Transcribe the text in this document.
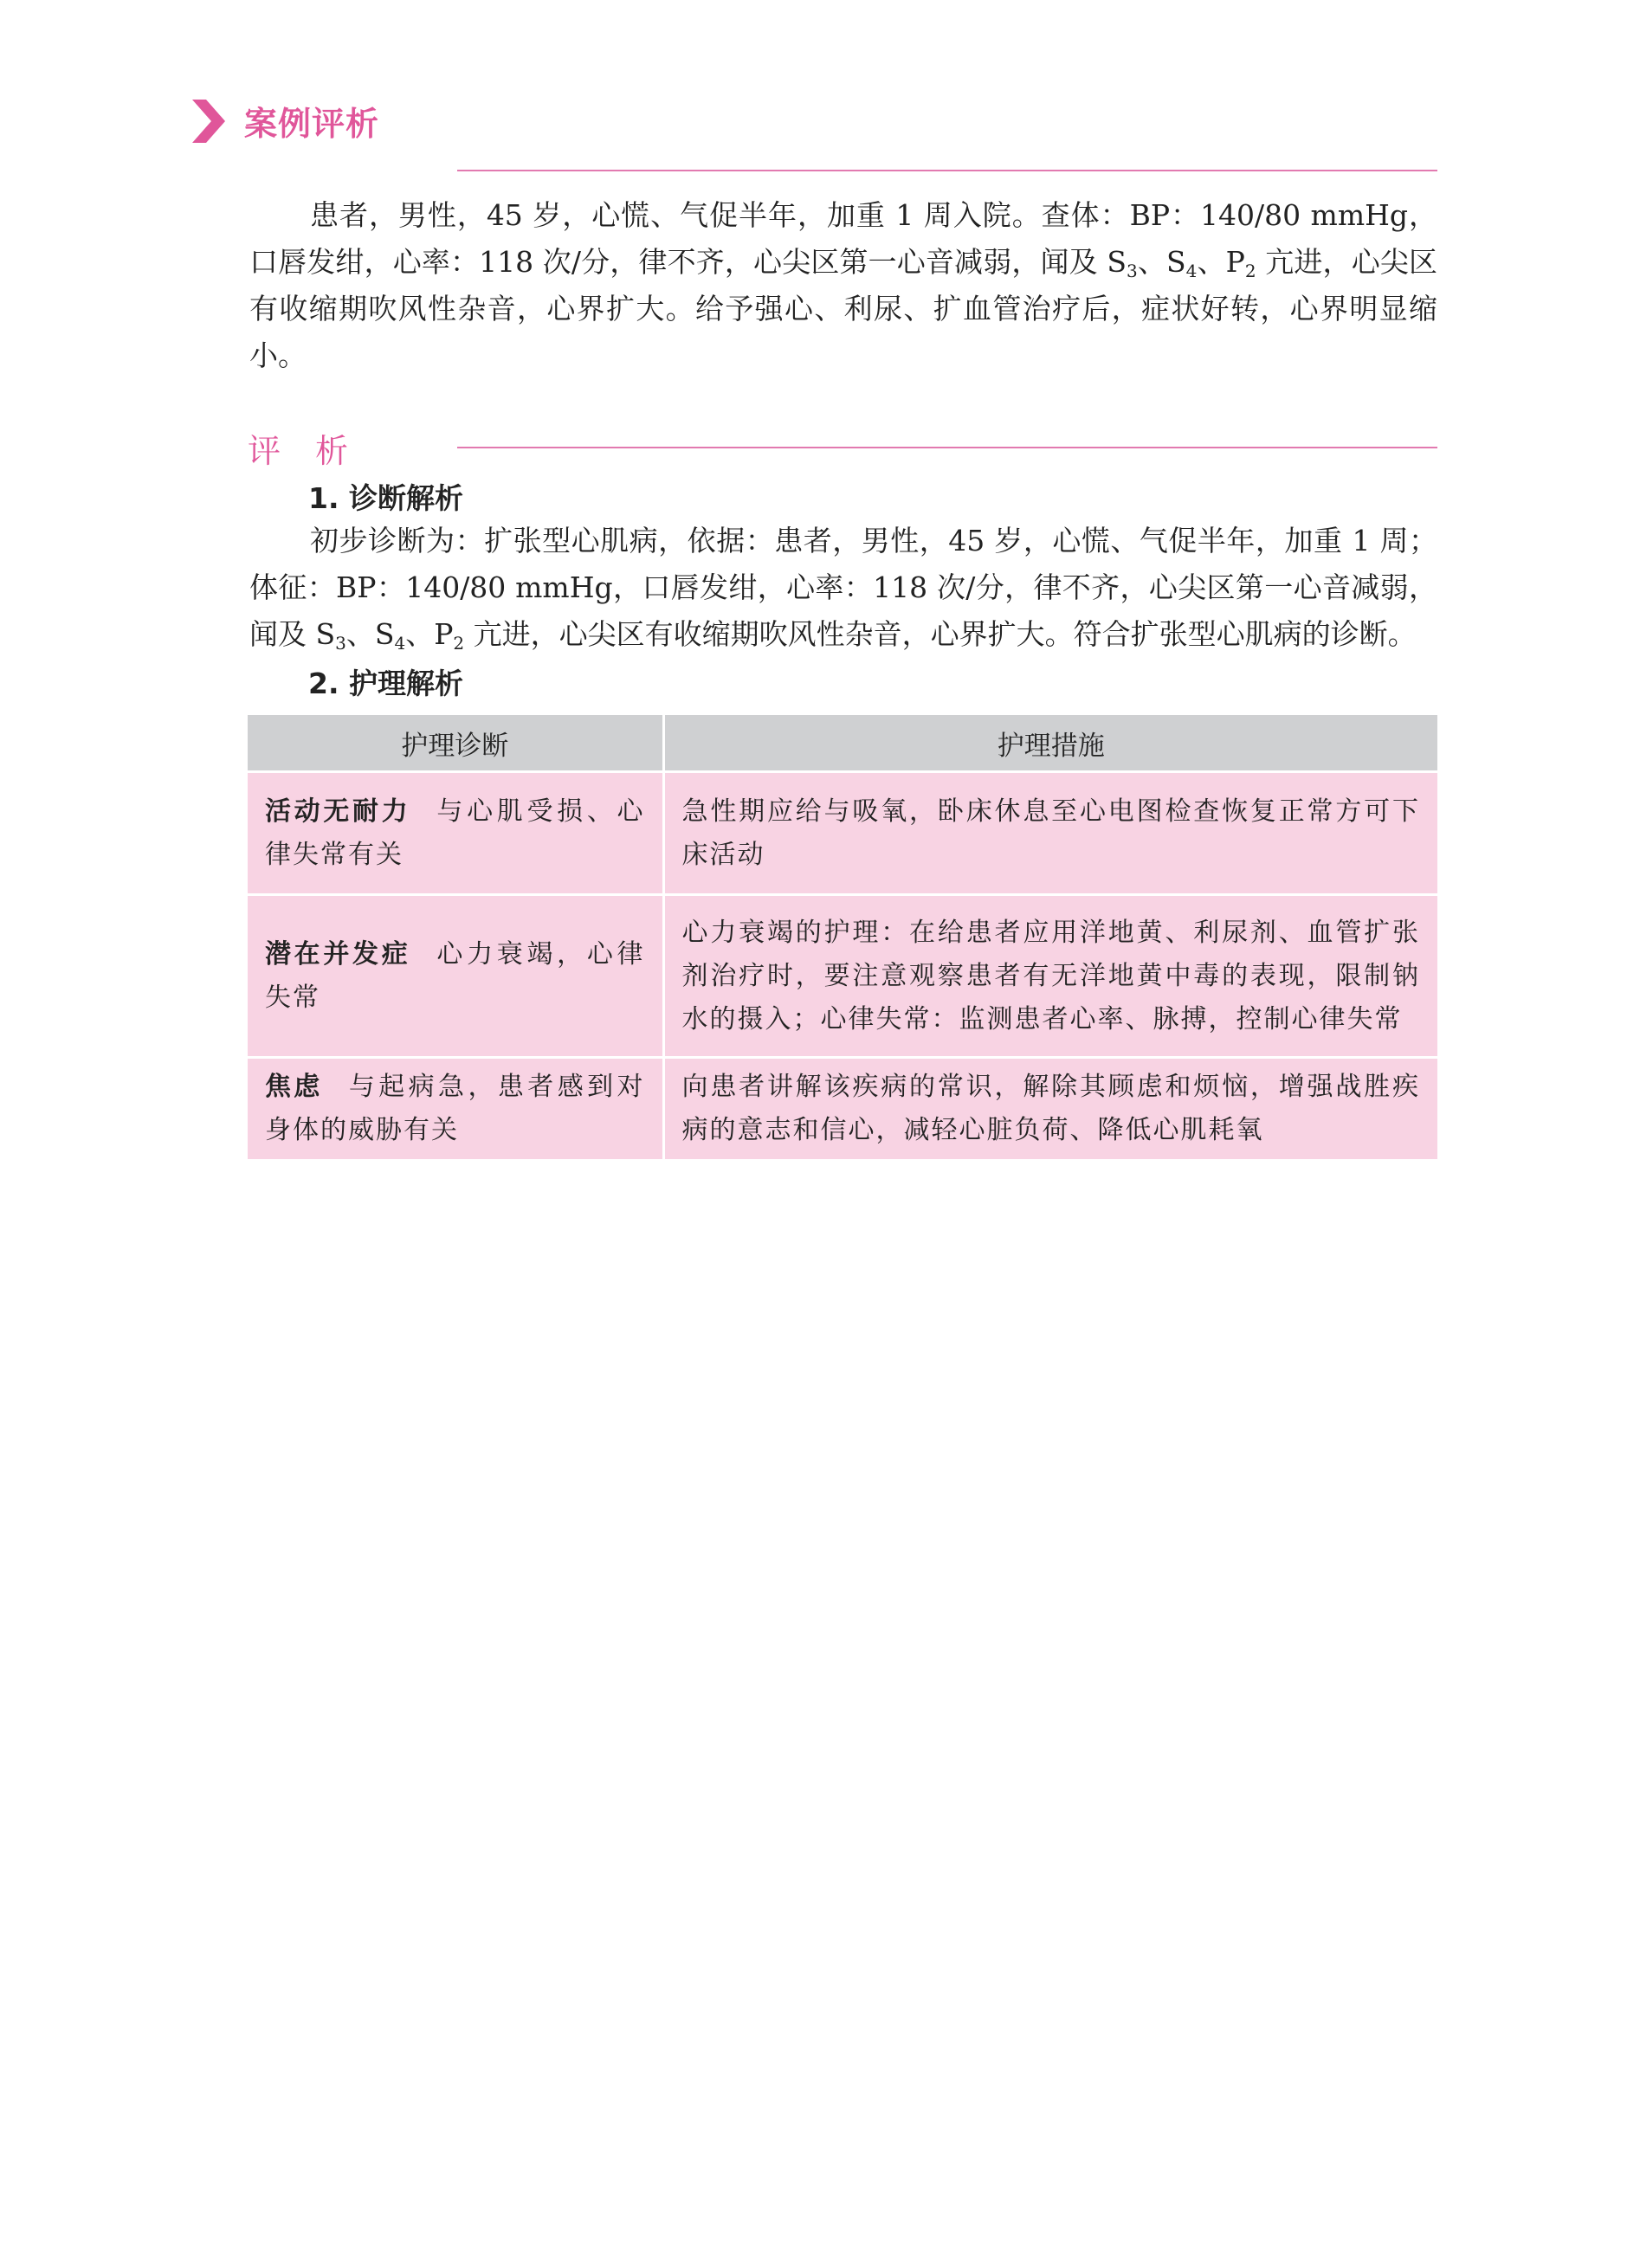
案例评析

患者，男性，45 岁，心慌、气促半年，加重 1 周入院。查体：BP：140/80 mmHg，口唇发绀，心率：118 次/分，律不齐，心尖区第一心音减弱，闻及 $S_3$、$S_4$、$P_2$ 亢进，心尖区有收缩期吹风性杂音，心界扩大。给予强心、利尿、扩血管治疗后，症状好转，心界明显缩小。

评析
1. 诊断解析

初步诊断为：扩张型心肌病，依据：患者，男性，45 岁，心慌、气促半年，加重 1 周；体征：BP：140/80 mmHg，口唇发绀，心率：118 次/分，律不齐，心尖区第一心音减弱，闻及 $S_3$、$S_4$、$P_2$ 亢进，心尖区有收缩期吹风性杂音，心界扩大。符合扩张型心肌病的诊断。

2. 护理解析
护理诊断	护理措施
活动无耐力 与心肌受损、心律失常有关	急性期应给与吸氧，卧床休息至心电图检查恢复正常方可下床活动
潜在并发症 心力衰竭，心律失常	心力衰竭的护理：在给患者应用洋地黄、利尿剂、血管扩张剂治疗时，要注意观察患者有无洋地黄中毒的表现，限制钠水的摄入；心律失常：监测患者心率、脉搏，控制心律失常
焦虑 与起病急，患者感到对身体的威胁有关	向患者讲解该疾病的常识，解除其顾虑和烦恼，增强战胜疾病的意志和信心，减轻心脏负荷、降低心肌耗氧
